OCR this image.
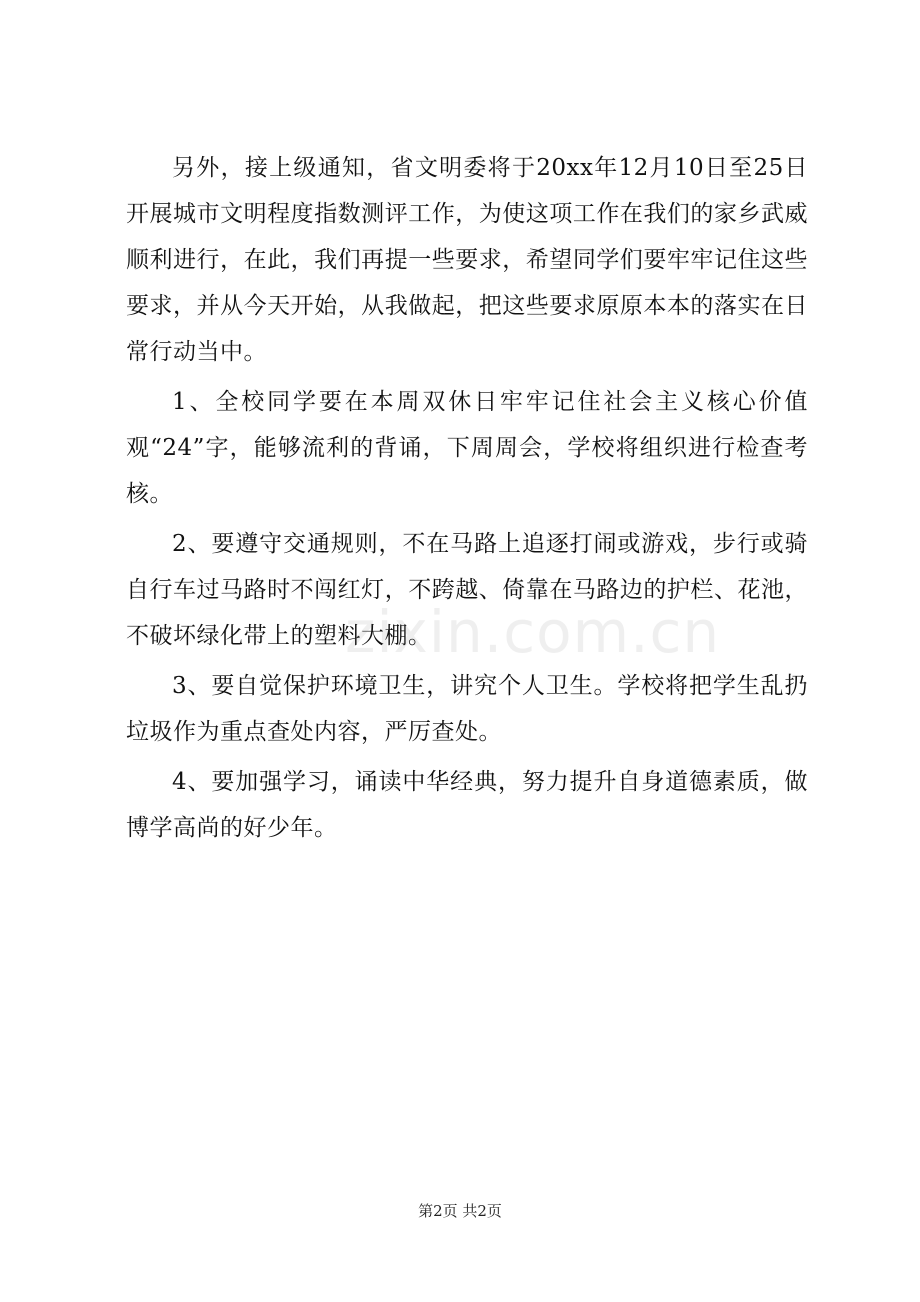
另外，接上级通知，省文明委将于20xx年12月10日至25日开展城市文明程度指数测评工作，为使这项工作在我们的家乡武威顺利进行，在此，我们再提一些要求，希望同学们要牢牢记住这些要求，并从今天开始，从我做起，把这些要求原原本本的落实在日常行动当中。

1、全校同学要在本周双休日牢牢记住社会主义核心价值观“24”字，能够流利的背诵，下周周会，学校将组织进行检查考核。

2、要遵守交通规则，不在马路上追逐打闹或游戏，步行或骑自行车过马路时不闯红灯，不跨越、倚靠在马路边的护栏、花池，不破坏绿化带上的塑料大棚。

3、要自觉保护环境卫生，讲究个人卫生。学校将把学生乱扔垃圾作为重点查处内容，严厉查处。

4、要加强学习，诵读中华经典，努力提升自身道德素质，做博学高尚的好少年。

zixin.com.cn
第2页 共2页
